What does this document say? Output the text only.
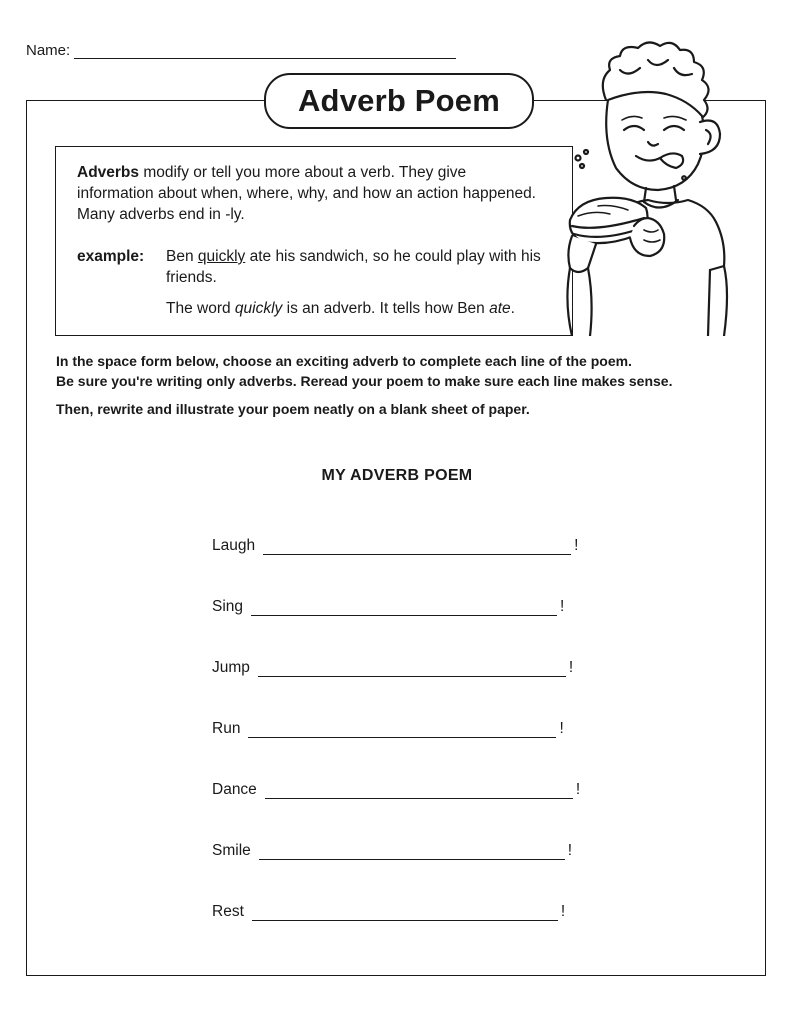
Name:
Adverb Poem
Adverbs modify or tell you more about a verb. They give information about when, where, why, and how an action happened. Many adverbs end in -ly.
example: Ben quickly ate his sandwich, so he could play with his friends.
The word quickly is an adverb. It tells how Ben ate.

In the space form below, choose an exciting adverb to complete each line of the poem.

Be sure you're writing only adverbs. Reread your poem to make sure each line makes sense.

Then, rewrite and illustrate your poem neatly on a blank sheet of paper.

MY ADVERB POEM
Laugh	!
Sing	!
Jump	!
Run	!
Dance	!
Smile	!
Rest	!
